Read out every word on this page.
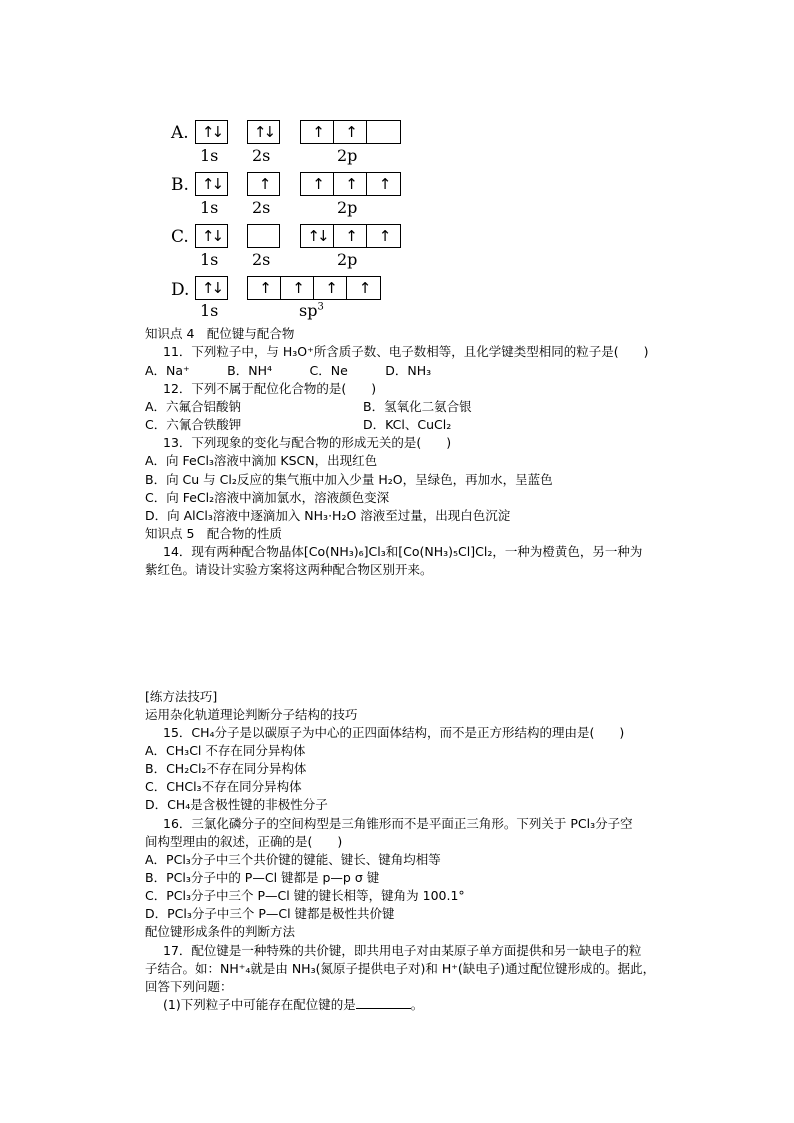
A. ↑↓	↑↓	↑	↑
1s 2s	2p
B. ↑↓	↑	↑	↑	↑
1s 2s	2p
C. ↑↓	↑↓	↑	↑
1s 2s	2p
D. ↑↓	↑	↑	↑	↑
1s	$sp^3$
知识点 4　配位键与配合物
11．下列粒子中，与 H₃O⁺所含质子数、电子数相等，且化学键类型相同的粒子是(　　)
A．Na⁺　　　B．NH⁴　　　C．Ne　　　D．NH₃
12．下列不属于配位化合物的是(　　)
A．六氟合铝酸钠	B．氢氧化二氨合银
C．六氰合铁酸钾	D．KCl、CuCl₂
13．下列现象的变化与配合物的形成无关的是(　　)
A．向 FeCl₃溶液中滴加 KSCN，出现红色
B．向 Cu 与 Cl₂反应的集气瓶中加入少量 H₂O，呈绿色，再加水，呈蓝色
C．向 FeCl₂溶液中滴加氯水，溶液颜色变深
D．向 AlCl₃溶液中逐滴加入 NH₃·H₂O 溶液至过量，出现白色沉淀
知识点 5　配合物的性质
14．现有两种配合物晶体[Co(NH₃)₆]Cl₃和[Co(NH₃)₅Cl]Cl₂，一种为橙黄色，另一种为
紫红色。请设计实验方案将这两种配合物区别开来。
[练方法技巧]
运用杂化轨道理论判断分子结构的技巧
15．CH₄分子是以碳原子为中心的正四面体结构，而不是正方形结构的理由是(　　)
A．CH₃Cl 不存在同分异构体
B．CH₂Cl₂不存在同分异构体
C．CHCl₃不存在同分异构体
D．CH₄是含极性键的非极性分子
16．三氯化磷分子的空间构型是三角锥形而不是平面正三角形。下列关于 PCl₃分子空
间构型理由的叙述，正确的是(　　)
A．PCl₃分子中三个共价键的键能、键长、键角均相等
B．PCl₃分子中的 P—Cl 键都是 p—p σ 键
C．PCl₃分子中三个 P—Cl 键的键长相等，键角为 100.1°
D．PCl₃分子中三个 P—Cl 键都是极性共价键
配位键形成条件的判断方法
17．配位键是一种特殊的共价键，即共用电子对由某原子单方面提供和另一缺电子的粒
子结合。如：NH⁺₄就是由 NH₃(氮原子提供电子对)和 H⁺(缺电子)通过配位键形成的。据此，
回答下列问题：
(1)下列粒子中可能存在配位键的是	。
